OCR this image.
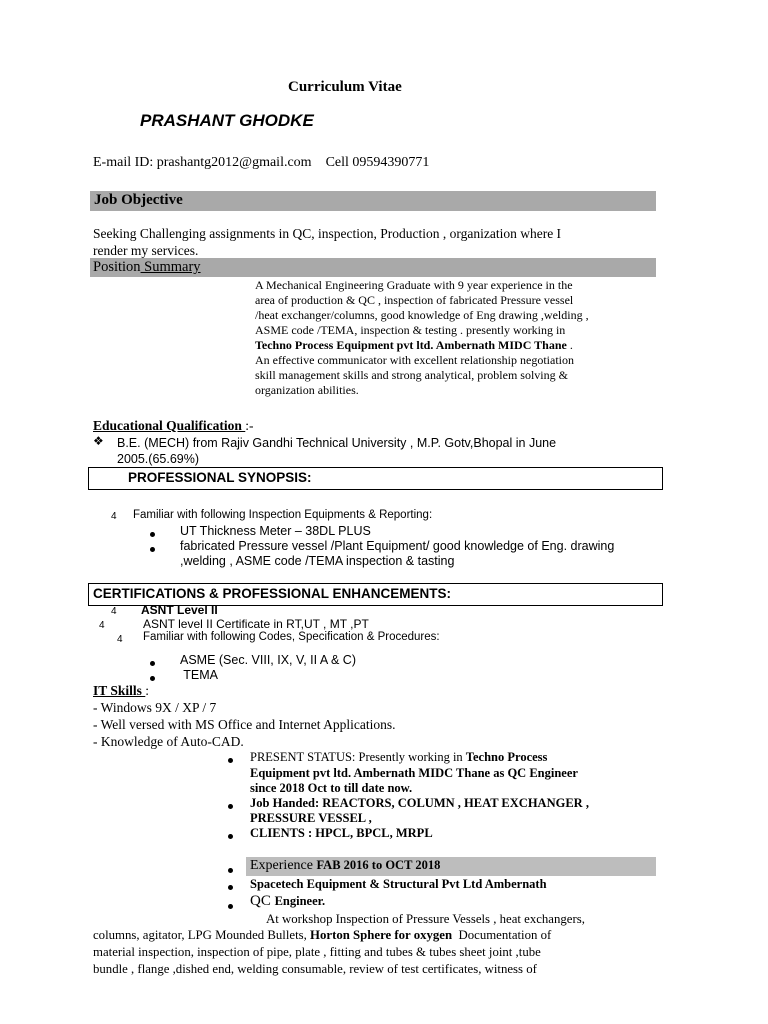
Curriculum Vitae
PRASHANT GHODKE
E-mail ID: prashantg2012@gmail.com    Cell 09594390771
Job Objective
Seeking Challenging assignments in QC, inspection, Production , organization where I
render my services.
Position Summary
A Mechanical Engineering Graduate with 9 year experience in the
area of production & QC , inspection of fabricated Pressure vessel
/heat exchanger/columns, good knowledge of Eng drawing ,welding ,
ASME code /TEMA, inspection & testing . presently working in
Techno Process Equipment pvt ltd. Ambernath MIDC Thane .
An effective communicator with excellent relationship negotiation
skill management skills and strong analytical, problem solving &
organization abilities.
Educational Qualification :-
❖ B.E. (MECH) from Rajiv Gandhi Technical University , M.P. Gotv,Bhopal in June
2005.(65.69%)
PROFESSIONAL SYNOPSIS:
4 Familiar with following Inspection Equipments & Reporting:
UT Thickness Meter – 38DL PLUS
fabricated Pressure vessel /Plant Equipment/ good knowledge of Eng. drawing
,welding , ASME code /TEMA inspection & tasting
CERTIFICATIONS & PROFESSIONAL ENHANCEMENTS:
4 ASNT Level II
4	ASNT level II Certificate in RT,UT , MT ,PT
4 Familiar with following Codes, Specification & Procedures:
ASME (Sec. VIII, IX, V, II A & C)
TEMA
IT Skills :
- Windows 9X / XP / 7
- Well versed with MS Office and Internet Applications.
- Knowledge of Auto-CAD.
PRESENT STATUS: Presently working in Techno Process
Equipment pvt ltd. Ambernath MIDC Thane as QC Engineer
since 2018 Oct to till date now.
Job Handed: REACTORS, COLUMN , HEAT EXCHANGER ,
PRESSURE VESSEL ,
CLIENTS : HPCL, BPCL, MRPL
Experience FAB 2016 to OCT 2018
Spacetech Equipment & Structural Pvt Ltd Ambernath
QC Engineer.
At workshop Inspection of Pressure Vessels , heat exchangers,
columns, agitator, LPG Mounded Bullets, Horton Sphere for oxygen  Documentation of
material inspection, inspection of pipe, plate , fitting and tubes & tubes sheet joint ,tube
bundle , flange ,dished end, welding consumable, review of test certificates, witness of
